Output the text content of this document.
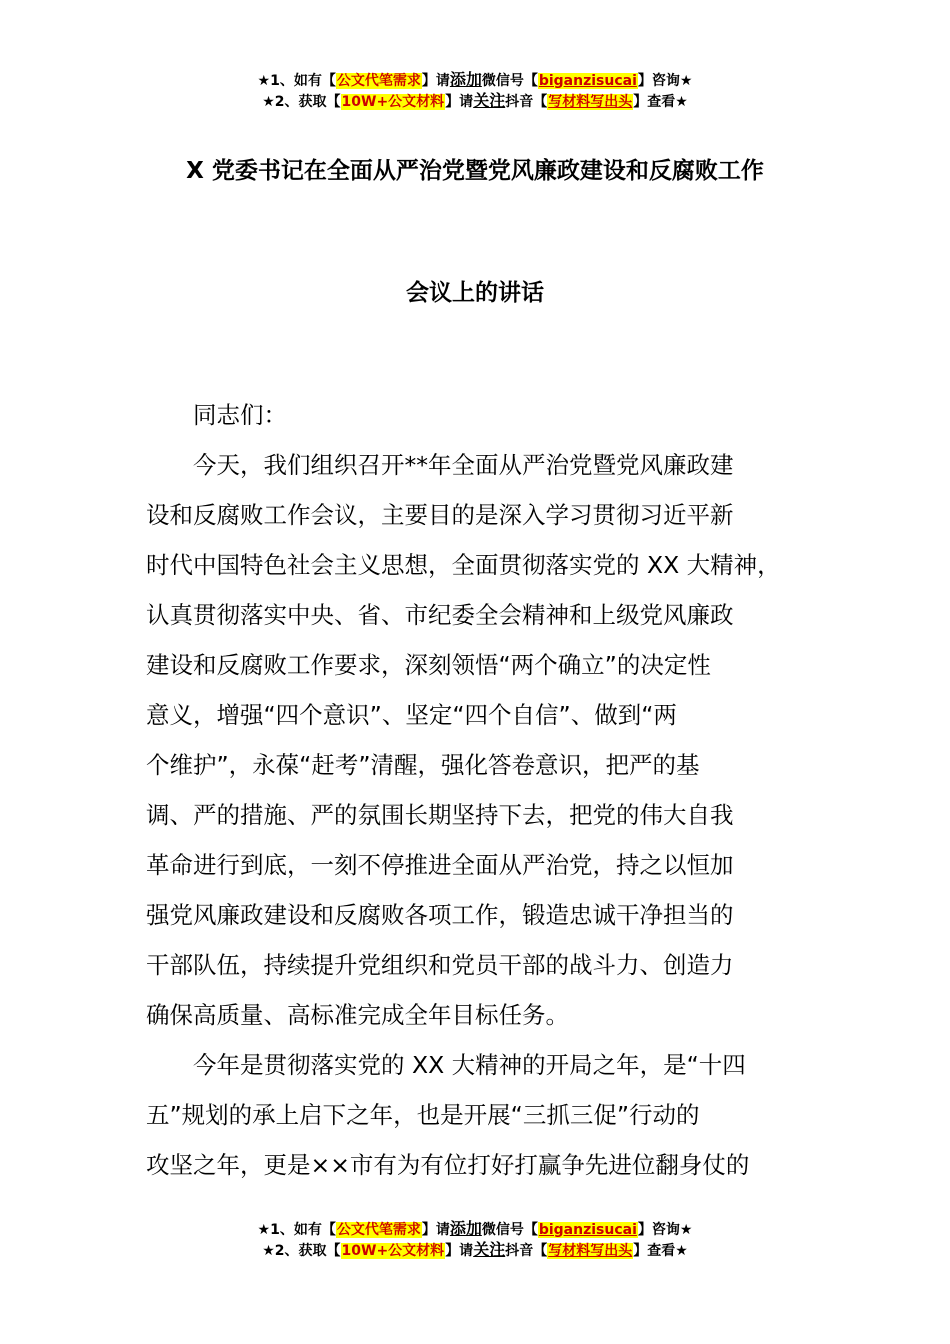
★1、如有【公文代笔需求】请添加微信号【biganzisucai】咨询★
★2、获取【10W+公文材料】请关注抖音【写材料写出头】查看★
X 党委书记在全面从严治党暨党风廉政建设和反腐败工作
会议上的讲话
同志们：
今天，我们组织召开**年全面从严治党暨党风廉政建
设和反腐败工作会议，主要目的是深入学习贯彻习近平新
时代中国特色社会主义思想，全面贯彻落实党的 XX 大精神，
认真贯彻落实中央、省、市纪委全会精神和上级党风廉政
建设和反腐败工作要求，深刻领悟“两个确立”的决定性
意义，增强“四个意识”、坚定“四个自信”、做到“两
个维护”，永葆“赶考”清醒，强化答卷意识，把严的基
调、严的措施、严的氛围长期坚持下去，把党的伟大自我
革命进行到底，一刻不停推进全面从严治党，持之以恒加
强党风廉政建设和反腐败各项工作，锻造忠诚干净担当的
干部队伍，持续提升党组织和党员干部的战斗力、创造力
确保高质量、高标准完成全年目标任务。
今年是贯彻落实党的 XX 大精神的开局之年，是“十四
五”规划的承上启下之年，也是开展“三抓三促”行动的
攻坚之年，更是××市有为有位打好打赢争先进位翻身仗的
★1、如有【公文代笔需求】请添加微信号【biganzisucai】咨询★
★2、获取【10W+公文材料】请关注抖音【写材料写出头】查看★
